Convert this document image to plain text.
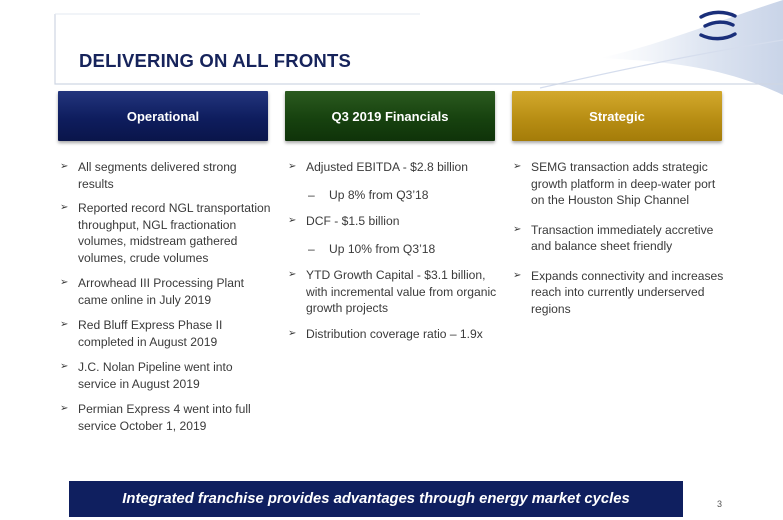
DELIVERING ON ALL FRONTS
Operational	Q3 2019 Financials	Strategic
➢ All segments delivered strong results
➢ Reported record NGL transportation throughput, NGL fractionation volumes, midstream gathered volumes, crude volumes
➢ Arrowhead III Processing Plant came online in July 2019
➢ Red Bluff Express Phase II completed in August 2019
➢ J.C. Nolan Pipeline went into service in August 2019
➢ Permian Express 4 went into full service October 1, 2019
➢ Adjusted EBITDA - $2.8 billion
– Up 8% from Q3’18
➢ DCF - $1.5 billion
– Up 10% from Q3’18
➢ YTD Growth Capital - $3.1 billion, with incremental value from organic growth projects
➢ Distribution coverage ratio – 1.9x
➢ SEMG transaction adds strategic growth platform in deep-water port on the Houston Ship Channel
➢ Transaction immediately accretive and balance sheet friendly
➢ Expands connectivity and increases reach into currently underserved regions
Integrated franchise provides advantages through energy market cycles	3
